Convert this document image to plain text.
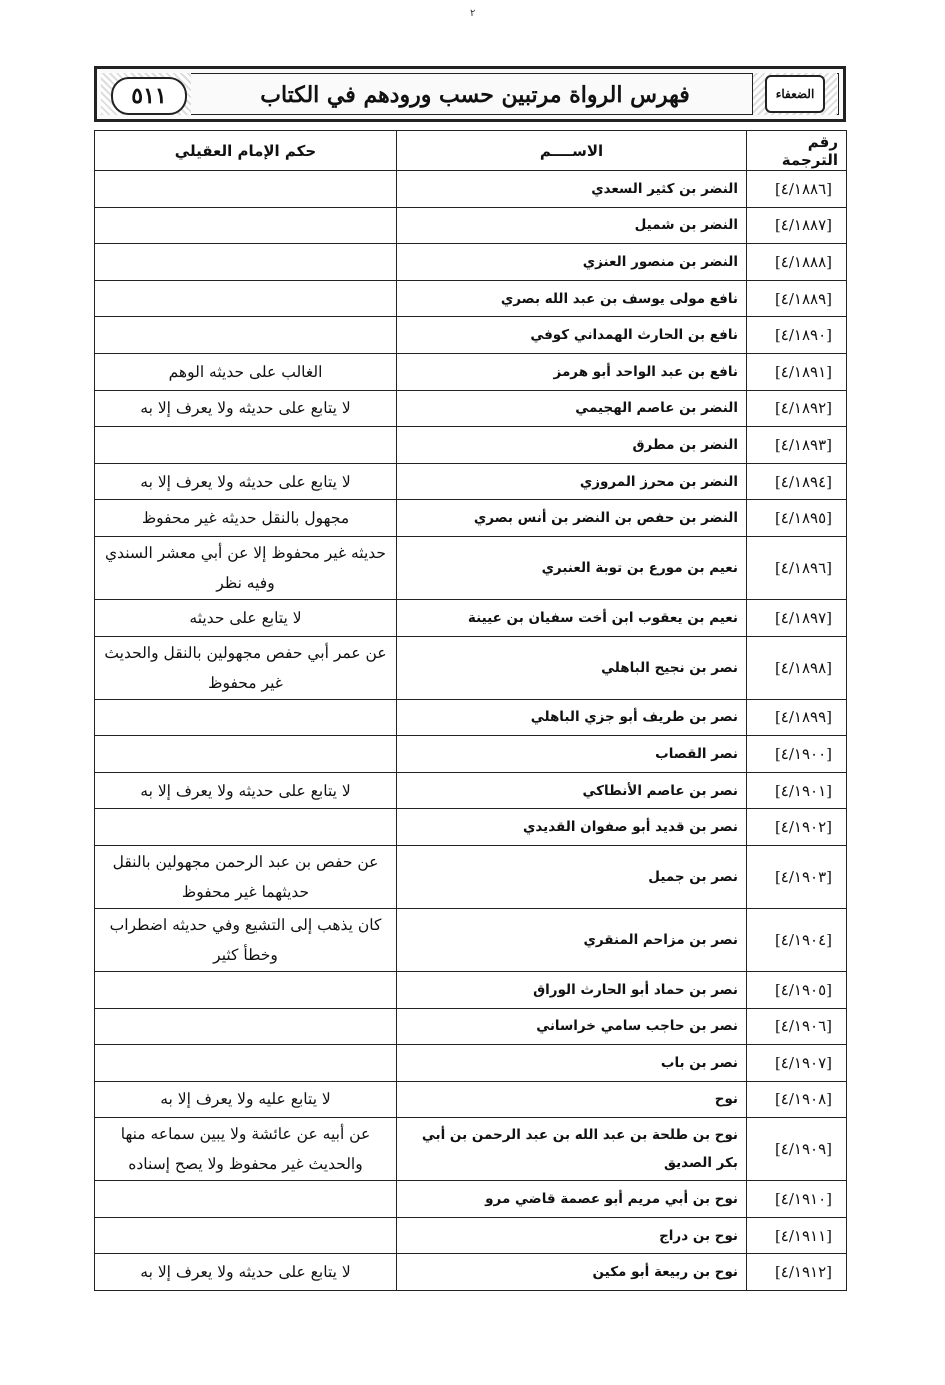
٢
الضعفاء
فهرس الرواة مرتبين حسب ورودهم في الكتاب
٥١١
رقم الترجمة	الاســــم	حكم الإمام العقيلي
[٤/١٨٨٦]	النضر بن كثير السعدي	
[٤/١٨٨٧]	النضر بن شميل	
[٤/١٨٨٨]	النضر بن منصور العنزي	
[٤/١٨٨٩]	نافع مولى يوسف بن عبد الله بصري	
[٤/١٨٩٠]	نافع بن الحارث الهمداني كوفي	
[٤/١٨٩١]	نافع بن عبد الواحد أبو هرمز	الغالب على حديثه الوهم
[٤/١٨٩٢]	النضر بن عاصم الهجيمي	لا يتابع على حديثه ولا يعرف إلا به
[٤/١٨٩٣]	النضر بن مطرق	
[٤/١٨٩٤]	النضر بن محرز المروزي	لا يتابع على حديثه ولا يعرف إلا به
[٤/١٨٩٥]	النضر بن حفص بن النضر بن أنس بصري	مجهول بالنقل حديثه غير محفوظ
[٤/١٨٩٦]	نعيم بن مورع بن توبة العنبري	حديثه غير محفوظ إلا عن أبي معشر السندي وفيه نظر
[٤/١٨٩٧]	نعيم بن يعقوب ابن أخت سفيان بن عيينة	لا يتابع على حديثه
[٤/١٨٩٨]	نصر بن نجيح الباهلي	عن عمر أبي حفص مجهولين بالنقل والحديث غير محفوظ
[٤/١٨٩٩]	نصر بن طريف أبو جزي الباهلي	
[٤/١٩٠٠]	نصر القصاب	
[٤/١٩٠١]	نصر بن عاصم الأنطاكي	لا يتابع على حديثه ولا يعرف إلا به
[٤/١٩٠٢]	نصر بن قديد أبو صفوان القديدي	
[٤/١٩٠٣]	نصر بن جميل	عن حفص بن عبد الرحمن مجهولين بالنقل حديثهما غير محفوظ
[٤/١٩٠٤]	نصر بن مزاحم المنقري	كان يذهب إلى التشيع وفي حديثه اضطراب وخطأ كثير
[٤/١٩٠٥]	نصر بن حماد أبو الحارث الوراق	
[٤/١٩٠٦]	نصر بن حاجب سامي خراساني	
[٤/١٩٠٧]	نصر بن باب	
[٤/١٩٠٨]	نوح	لا يتابع عليه ولا يعرف إلا به
[٤/١٩٠٩]	نوح بن طلحة بن عبد الله بن عبد الرحمن بن أبي بكر الصديق	عن أبيه عن عائشة ولا يبين سماعه منها والحديث غير محفوظ ولا يصح إسناده
[٤/١٩١٠]	نوح بن أبي مريم أبو عصمة قاضي مرو	
[٤/١٩١١]	نوح بن دراج	
[٤/١٩١٢]	نوح بن ربيعة أبو مكين	لا يتابع على حديثه ولا يعرف إلا به
